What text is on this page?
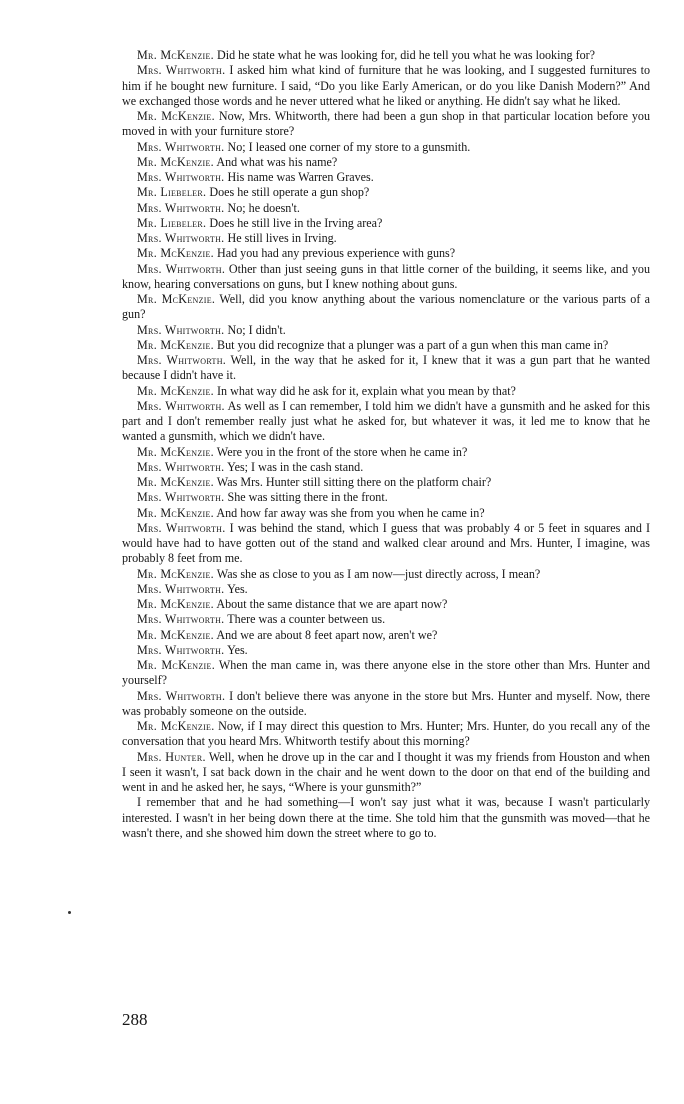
Mr. McKenzie. Did he state what he was looking for, did he tell you what he was looking for?

Mrs. Whitworth. I asked him what kind of furniture that he was looking, and I suggested furnitures to him if he bought new furniture. I said, “Do you like Early American, or do you like Danish Modern?” And we exchanged those words and he never uttered what he liked or anything. He didn't say what he liked.

Mr. McKenzie. Now, Mrs. Whitworth, there had been a gun shop in that particular location before you moved in with your furniture store?

Mrs. Whitworth. No; I leased one corner of my store to a gunsmith.

Mr. McKenzie. And what was his name?

Mrs. Whitworth. His name was Warren Graves.

Mr. Liebeler. Does he still operate a gun shop?

Mrs. Whitworth. No; he doesn't.

Mr. Liebeler. Does he still live in the Irving area?

Mrs. Whitworth. He still lives in Irving.

Mr. McKenzie. Had you had any previous experience with guns?

Mrs. Whitworth. Other than just seeing guns in that little corner of the building, it seems like, and you know, hearing conversations on guns, but I knew nothing about guns.

Mr. McKenzie. Well, did you know anything about the various nomenclature or the various parts of a gun?

Mrs. Whitworth. No; I didn't.

Mr. McKenzie. But you did recognize that a plunger was a part of a gun when this man came in?

Mrs. Whitworth. Well, in the way that he asked for it, I knew that it was a gun part that he wanted because I didn't have it.

Mr. McKenzie. In what way did he ask for it, explain what you mean by that?

Mrs. Whitworth. As well as I can remember, I told him we didn't have a gunsmith and he asked for this part and I don't remember really just what he asked for, but whatever it was, it led me to know that he wanted a gunsmith, which we didn't have.

Mr. McKenzie. Were you in the front of the store when he came in?

Mrs. Whitworth. Yes; I was in the cash stand.

Mr. McKenzie. Was Mrs. Hunter still sitting there on the platform chair?

Mrs. Whitworth. She was sitting there in the front.

Mr. McKenzie. And how far away was she from you when he came in?

Mrs. Whitworth. I was behind the stand, which I guess that was probably 4 or 5 feet in squares and I would have had to have gotten out of the stand and walked clear around and Mrs. Hunter, I imagine, was probably 8 feet from me.

Mr. McKenzie. Was she as close to you as I am now—just directly across, I mean?

Mrs. Whitworth. Yes.

Mr. McKenzie. About the same distance that we are apart now?

Mrs. Whitworth. There was a counter between us.

Mr. McKenzie. And we are about 8 feet apart now, aren't we?

Mrs. Whitworth. Yes.

Mr. McKenzie. When the man came in, was there anyone else in the store other than Mrs. Hunter and yourself?

Mrs. Whitworth. I don't believe there was anyone in the store but Mrs. Hunter and myself. Now, there was probably someone on the outside.

Mr. McKenzie. Now, if I may direct this question to Mrs. Hunter; Mrs. Hunter, do you recall any of the conversation that you heard Mrs. Whitworth testify about this morning?

Mrs. Hunter. Well, when he drove up in the car and I thought it was my friends from Houston and when I seen it wasn't, I sat back down in the chair and he went down to the door on that end of the building and went in and he asked her, he says, “Where is your gunsmith?”

I remember that and he had something—I won't say just what it was, because I wasn't particularly interested. I wasn't in her being down there at the time. She told him that the gunsmith was moved—that he wasn't there, and she showed him down the street where to go to.

288
